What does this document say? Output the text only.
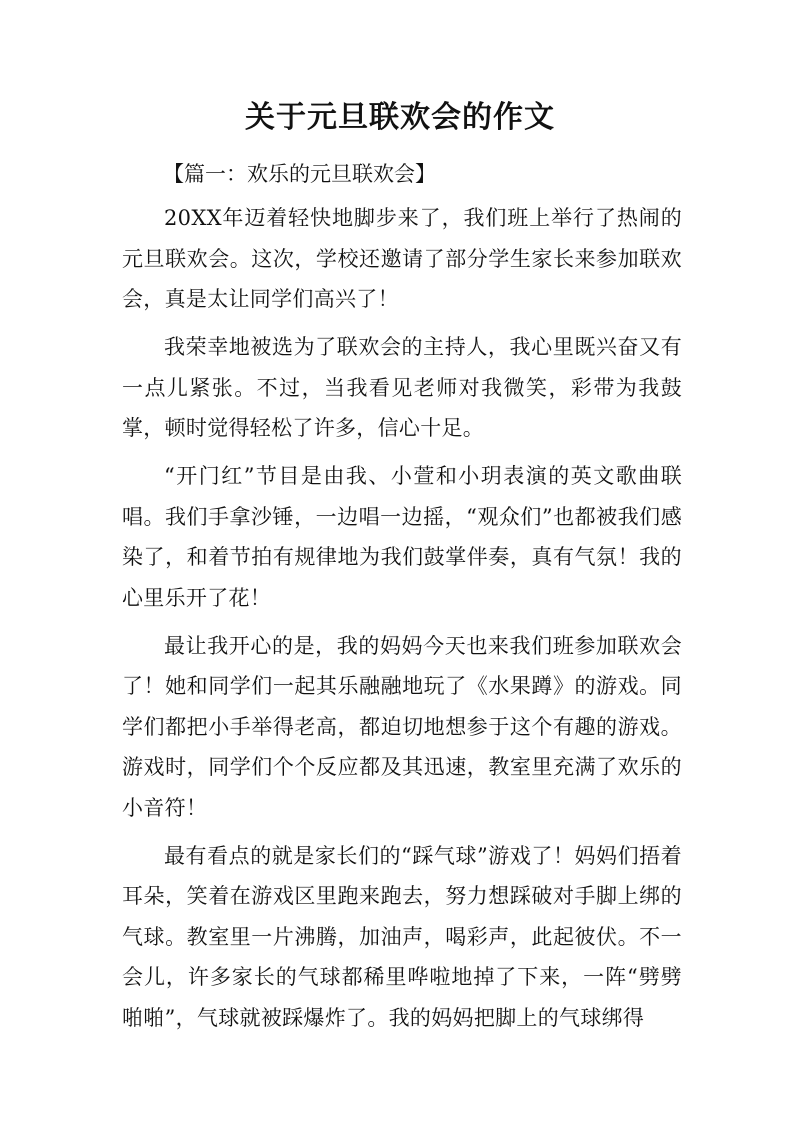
关于元旦联欢会的作文

【篇一：欢乐的元旦联欢会】

20XX年迈着轻快地脚步来了，我们班上举行了热闹的元旦联欢会。这次，学校还邀请了部分学生家长来参加联欢会，真是太让同学们高兴了！

我荣幸地被选为了联欢会的主持人，我心里既兴奋又有一点儿紧张。不过，当我看见老师对我微笑，彩带为我鼓掌，顿时觉得轻松了许多，信心十足。

“开门红”节目是由我、小萱和小玥表演的英文歌曲联唱。我们手拿沙锤，一边唱一边摇，“观众们”也都被我们感染了，和着节拍有规律地为我们鼓掌伴奏，真有气氛！我的心里乐开了花！

最让我开心的是，我的妈妈今天也来我们班参加联欢会了！她和同学们一起其乐融融地玩了《水果蹲》的游戏。同学们都把小手举得老高，都迫切地想参于这个有趣的游戏。游戏时，同学们个个反应都及其迅速，教室里充满了欢乐的小音符！

最有看点的就是家长们的“踩气球”游戏了！妈妈们捂着耳朵，笑着在游戏区里跑来跑去，努力想踩破对手脚上绑的气球。教室里一片沸腾，加油声，喝彩声，此起彼伏。不一会儿，许多家长的气球都稀里哗啦地掉了下来，一阵“劈劈啪啪”，气球就被踩爆炸了。我的妈妈把脚上的气球绑得
